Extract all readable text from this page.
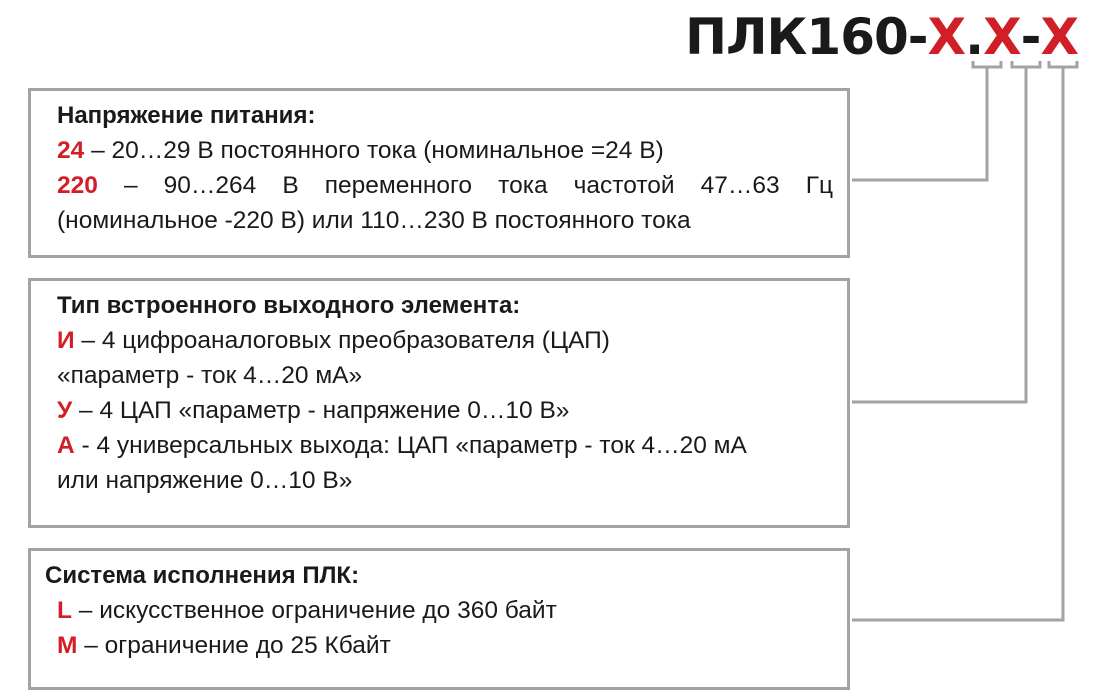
ПЛК160-Х.Х-Х
Напряжение питания:

24 – 20…29 В постоянного тока (номинальное =24 В)

220 – 90…264 В переменного тока частотой 47…63 Гц

(номинальное -220 В) или 110…230 В постоянного тока

Тип встроенного выходного элемента:

И – 4 цифроаналоговых преобразователя (ЦАП)

«параметр - ток 4…20 мА»

У – 4 ЦАП «параметр - напряжение 0…10 В»

А - 4 универсальных выхода: ЦАП «параметр - ток 4…20 мА

или напряжение 0…10 В»

Система исполнения ПЛК:

L – искусственное ограничение до 360 байт

M – ограничение до 25 Кбайт
